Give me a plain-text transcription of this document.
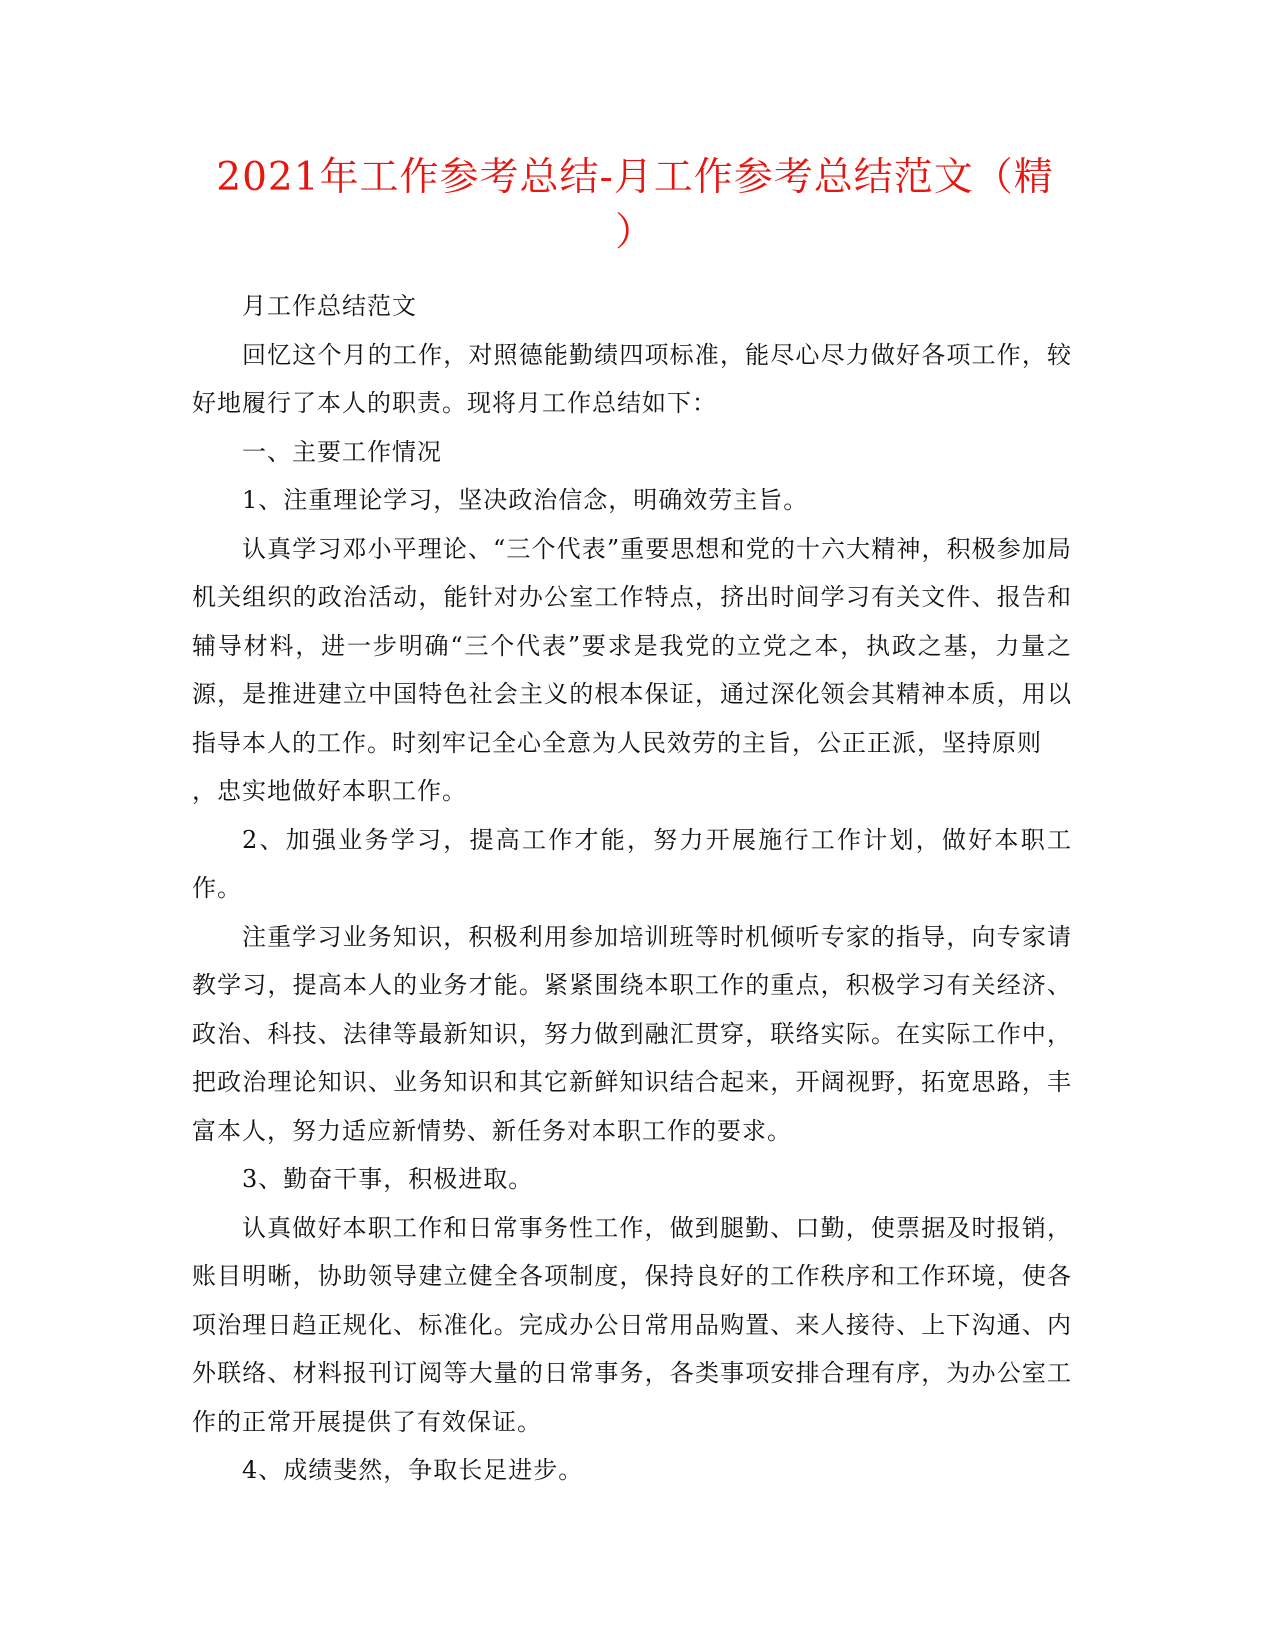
2021年工作参考总结-月工作参考总结范文（精
）

月工作总结范文

回忆这个月的工作，对照德能勤绩四项标准，能尽心尽力做好各项工作，较好地履行了本人的职责。现将月工作总结如下：

一、主要工作情况

1、注重理论学习，坚决政治信念，明确效劳主旨。

认真学习邓小平理论、“三个代表”重要思想和党的十六大精神，积极参加局机关组织的政治活动，能针对办公室工作特点，挤出时间学习有关文件、报告和辅导材料，进一步明确“三个代表”要求是我党的立党之本，执政之基，力量之源，是推进建立中国特色社会主义的根本保证，通过深化领会其精神本质，用以指导本人的工作。时刻牢记全心全意为人民效劳的主旨，公正正派，坚持原则
，忠实地做好本职工作。

2、加强业务学习，提高工作才能，努力开展施行工作计划，做好本职工作。

注重学习业务知识，积极利用参加培训班等时机倾听专家的指导，向专家请教学习，提高本人的业务才能。紧紧围绕本职工作的重点，积极学习有关经济、政治、科技、法律等最新知识，努力做到融汇贯穿，联络实际。在实际工作中，把政治理论知识、业务知识和其它新鲜知识结合起来，开阔视野，拓宽思路，丰富本人，努力适应新情势、新任务对本职工作的要求。

3、勤奋干事，积极进取。

认真做好本职工作和日常事务性工作，做到腿勤、口勤，使票据及时报销，账目明晰，协助领导建立健全各项制度，保持良好的工作秩序和工作环境，使各项治理日趋正规化、标准化。完成办公日常用品购置、来人接待、上下沟通、内外联络、材料报刊订阅等大量的日常事务，各类事项安排合理有序，为办公室工作的正常开展提供了有效保证。

4、成绩斐然，争取长足进步。
